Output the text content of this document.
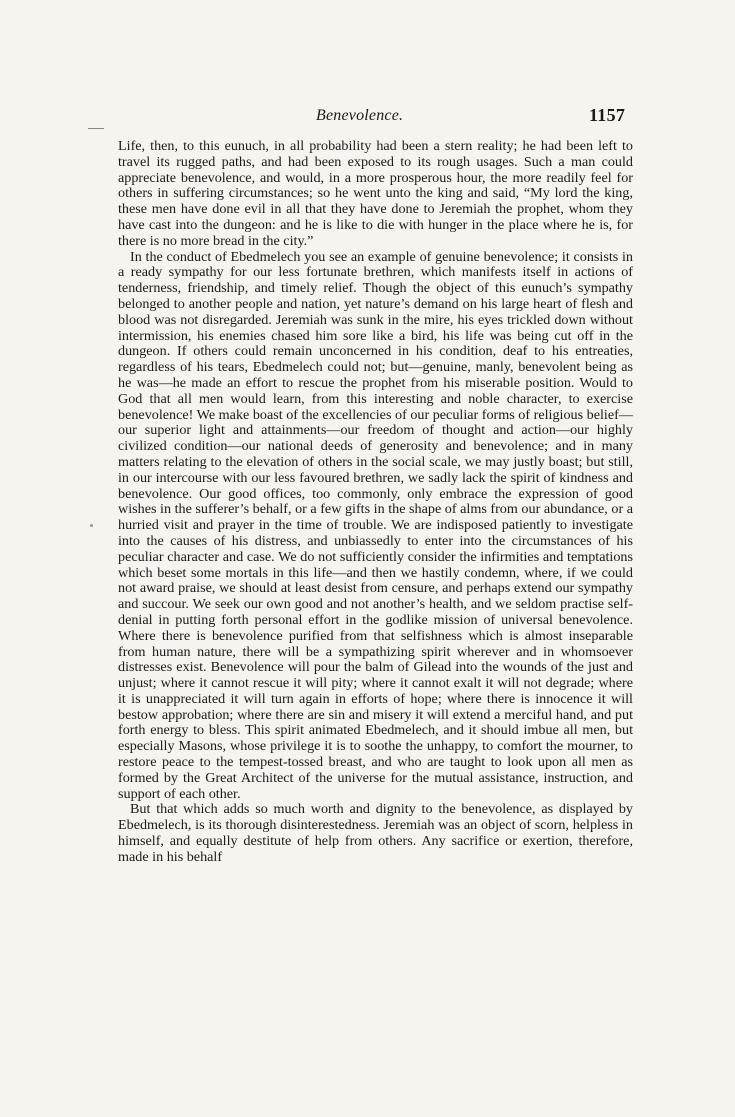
Benevolence.	1157

Life, then, to this eunuch, in all probability had been a stern reality; he had been left to travel its rugged paths, and had been exposed to its rough usages. Such a man could appreciate benevolence, and would, in a more prosperous hour, the more readily feel for others in suffering circumstances; so he went unto the king and said, “My lord the king, these men have done evil in all that they have done to Jeremiah the prophet, whom they have cast into the dungeon: and he is like to die with hunger in the place where he is, for there is no more bread in the city.”

In the conduct of Ebedmelech you see an example of genuine benevolence; it consists in a ready sympathy for our less fortunate brethren, which manifests itself in actions of tenderness, friendship, and timely relief. Though the object of this eunuch’s sympathy belonged to another people and nation, yet nature’s demand on his large heart of flesh and blood was not disregarded. Jeremiah was sunk in the mire, his eyes trickled down without intermission, his enemies chased him sore like a bird, his life was being cut off in the dungeon. If others could remain unconcerned in his condition, deaf to his entreaties, regardless of his tears, Ebedmelech could not; but—genuine, manly, benevolent being as he was—he made an effort to rescue the prophet from his miserable position. Would to God that all men would learn, from this interesting and noble character, to exercise benevolence! We make boast of the excellencies of our peculiar forms of religious belief—our superior light and attainments—our freedom of thought and action—our highly civilized condition—our national deeds of generosity and benevolence; and in many matters relating to the elevation of others in the social scale, we may justly boast; but still, in our intercourse with our less favoured brethren, we sadly lack the spirit of kindness and benevolence. Our good offices, too commonly, only embrace the expression of good wishes in the sufferer’s behalf, or a few gifts in the shape of alms from our abundance, or a hurried visit and prayer in the time of trouble. We are indisposed patiently to investigate into the causes of his distress, and unbiassedly to enter into the circumstances of his peculiar character and case. We do not sufficiently consider the infirmities and temptations which beset some mortals in this life—and then we hastily condemn, where, if we could not award praise, we should at least desist from censure, and perhaps extend our sympathy and succour. We seek our own good and not another’s health, and we seldom practise self-denial in putting forth personal effort in the godlike mission of universal benevolence. Where there is benevolence purified from that selfishness which is almost inseparable from human nature, there will be a sympathizing spirit wherever and in whomsoever distresses exist. Benevolence will pour the balm of Gilead into the wounds of the just and unjust; where it cannot rescue it will pity; where it cannot exalt it will not degrade; where it is unappreciated it will turn again in efforts of hope; where there is innocence it will bestow approbation; where there are sin and misery it will extend a merciful hand, and put forth energy to bless. This spirit animated Ebedmelech, and it should imbue all men, but especially Masons, whose privilege it is to soothe the unhappy, to comfort the mourner, to restore peace to the tempest-tossed breast, and who are taught to look upon all men as formed by the Great Architect of the universe for the mutual assistance, instruction, and support of each other.

But that which adds so much worth and dignity to the benevolence, as displayed by Ebedmelech, is its thorough disinterestedness. Jeremiah was an object of scorn, helpless in himself, and equally destitute of help from others. Any sacrifice or exertion, therefore, made in his behalf
